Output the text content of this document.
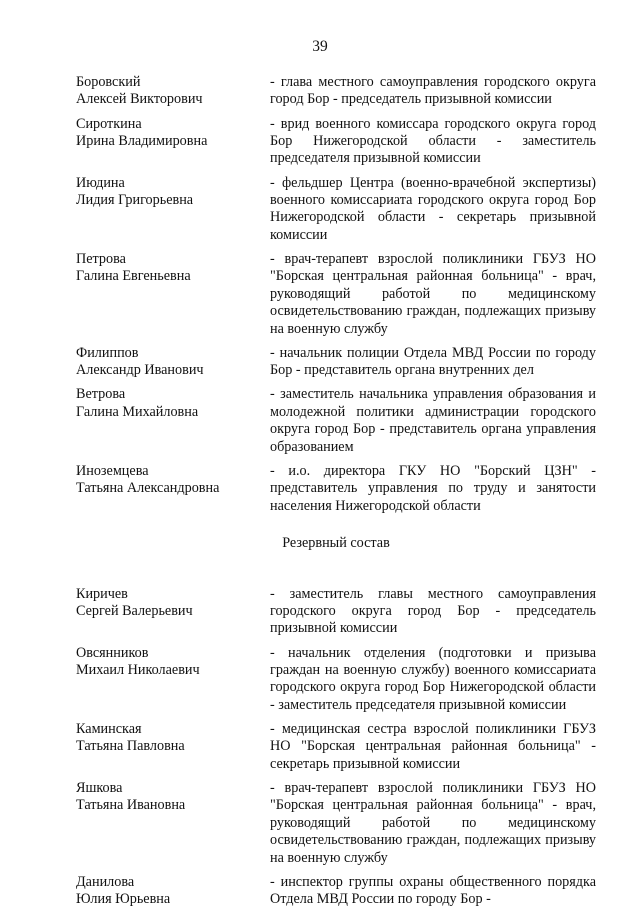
39
Боровский
Алексей Викторович
- глава местного самоуправления городского округа город Бор - председатель призывной комиссии
Сироткина
Ирина Владимировна
- врид военного комиссара городского округа город Бор Нижегородской области - заместитель председателя призывной комиссии
Июдина
Лидия Григорьевна
- фельдшер Центра (военно-врачебной экспертизы) военного комиссариата городского округа город Бор Нижегородской области - секретарь призывной комиссии
Петрова
Галина Евгеньевна
- врач-терапевт взрослой поликлиники ГБУЗ НО "Борская центральная районная больница" - врач, руководящий работой по медицинскому освидетельствованию граждан, подлежащих призыву на военную службу
Филиппов
Александр Иванович
- начальник полиции Отдела МВД России по городу Бор - представитель органа внутренних дел
Ветрова
Галина Михайловна
- заместитель начальника управления образования и молодежной политики администрации городского округа город Бор - представитель органа управления образованием
Иноземцева
Татьяна Александровна
- и.о. директора ГКУ НО "Борский ЦЗН" - представитель управления по труду и занятости населения Нижегородской области
Резервный состав
Киричев
Сергей Валерьевич
- заместитель главы местного самоуправления городского округа город Бор - председатель призывной комиссии
Овсянников
Михаил Николаевич
- начальник отделения (подготовки и призыва граждан на военную службу) военного комиссариата городского округа город Бор Нижегородской области - заместитель председателя призывной комиссии
Каминская
Татьяна Павловна
- медицинская сестра взрослой поликлиники ГБУЗ НО "Борская центральная районная больница" - секретарь призывной комиссии
Яшкова
Татьяна Ивановна
- врач-терапевт взрослой поликлиники ГБУЗ НО "Борская центральная районная больница" - врач, руководящий работой по медицинскому освидетельствованию граждан, подлежащих призыву на военную службу
Данилова
Юлия Юрьевна
- инспектор группы охраны общественного порядка Отдела МВД России по городу Бор -
